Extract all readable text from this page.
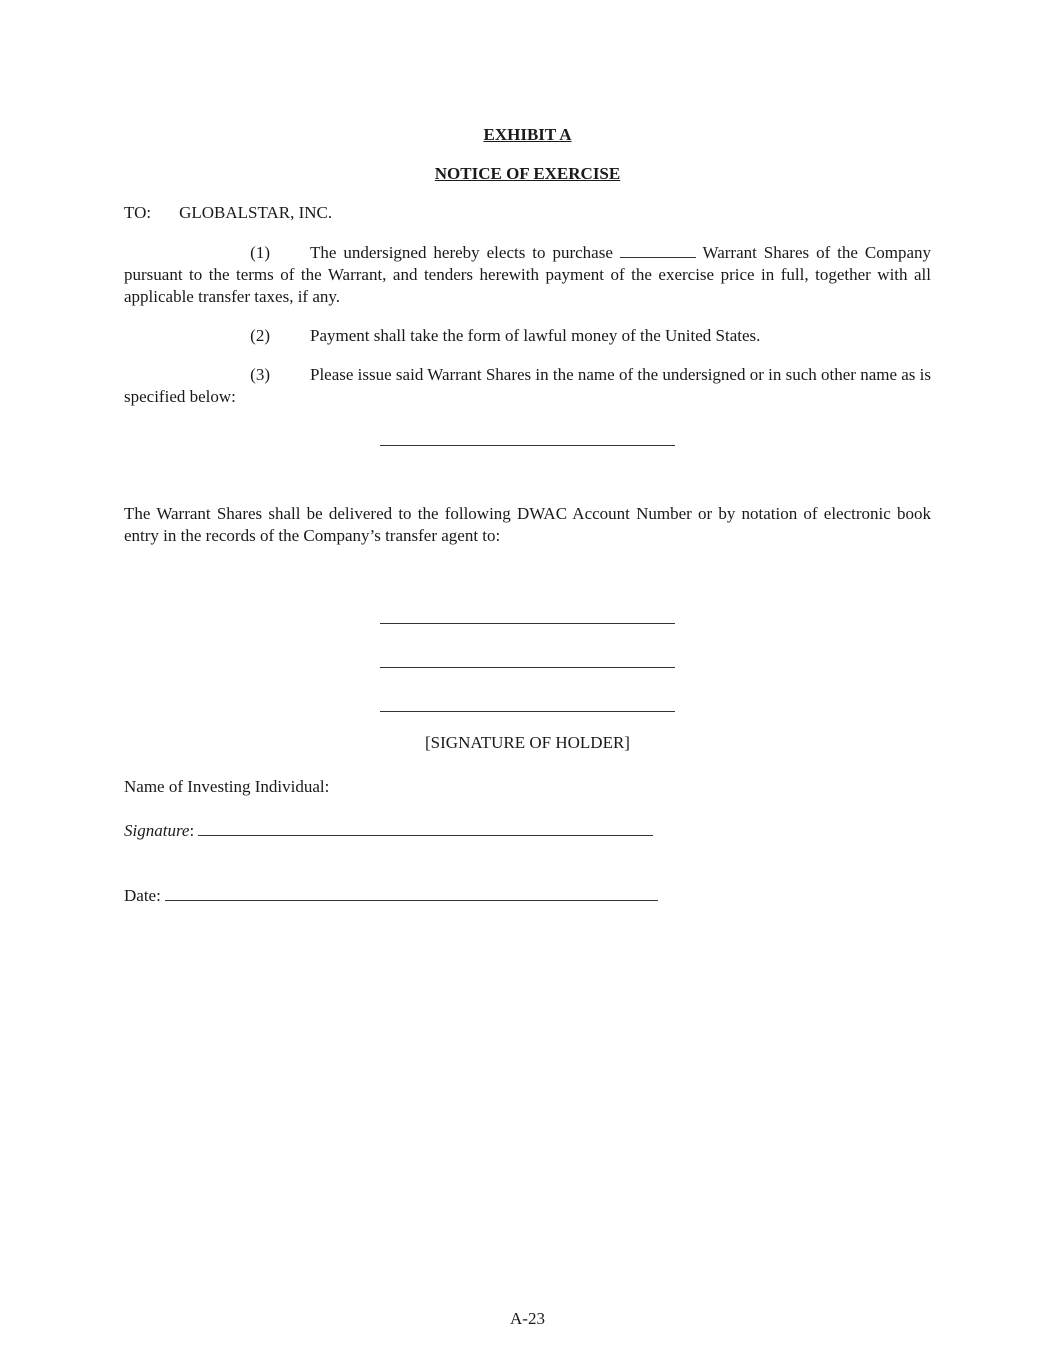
EXHIBIT A
NOTICE OF EXERCISE
TO: GLOBALSTAR, INC.
(1) The undersigned hereby elects to purchase	Warrant Shares of the Company pursuant to the terms of the Warrant, and tenders herewith payment of the exercise price in full, together with all applicable transfer taxes, if any.
(2) Payment shall take the form of lawful money of the United States.
(3) Please issue said Warrant Shares in the name of the undersigned or in such other name as is specified below:
The Warrant Shares shall be delivered to the following DWAC Account Number or by notation of electronic book entry in the records of the Company’s transfer agent to:
[SIGNATURE OF HOLDER]
Name of Investing Individual:
Signature:
Date:
A-23
